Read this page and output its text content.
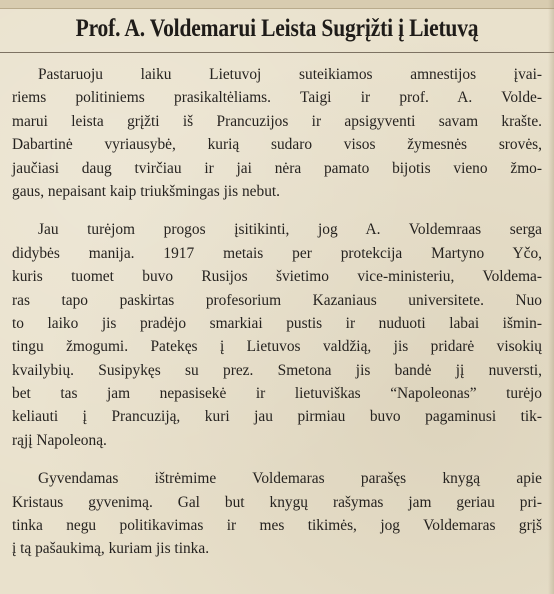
Prof. A. Voldemarui Leista Sugrįžti į Lietuvą

Pastaruoju laiku Lietuvoj suteikiamos amnestijos įvai-
riems politiniems prasikaltėliams. Taigi ir prof. A. Volde-
marui leista grįžti iš Prancuzijos ir apsigyventi savam krašte.
Dabartinė vyriausybė, kurią sudaro visos žymesnės srovės,
jaučiasi daug tvirčiau ir jai nėra pamato bijotis vieno žmo-
gaus, nepaisant kaip triukšmingas jis nebut.

Jau turėjom progos įsitikinti, jog A. Voldemraas serga
didybės manija. 1917 metais per protekcija Martyno Yčo,
kuris tuomet buvo Rusijos švietimo vice-ministeriu, Voldema-
ras tapo paskirtas profesorium Kazaniaus universitete. Nuo
to laiko jis pradėjo smarkiai pustis ir nuduoti labai išmin-
tingu žmogumi. Patekęs į Lietuvos valdžią, jis pridarė visokių
kvailybių. Susipykęs su prez. Smetona jis bandė jį nuversti,
bet tas jam nepasisekė ir lietuviškas “Napoleonas” turėjo
keliauti į Prancuziją, kuri jau pirmiau buvo pagaminusi tik-
rąjį Napoleoną.

Gyvendamas ištrėmime Voldemaras parašęs knygą apie
Kristaus gyvenimą. Gal but knygų rašymas jam geriau pri-
tinka negu politikavimas ir mes tikimės, jog Voldemaras grįš
į tą pašaukimą, kuriam jis tinka.
